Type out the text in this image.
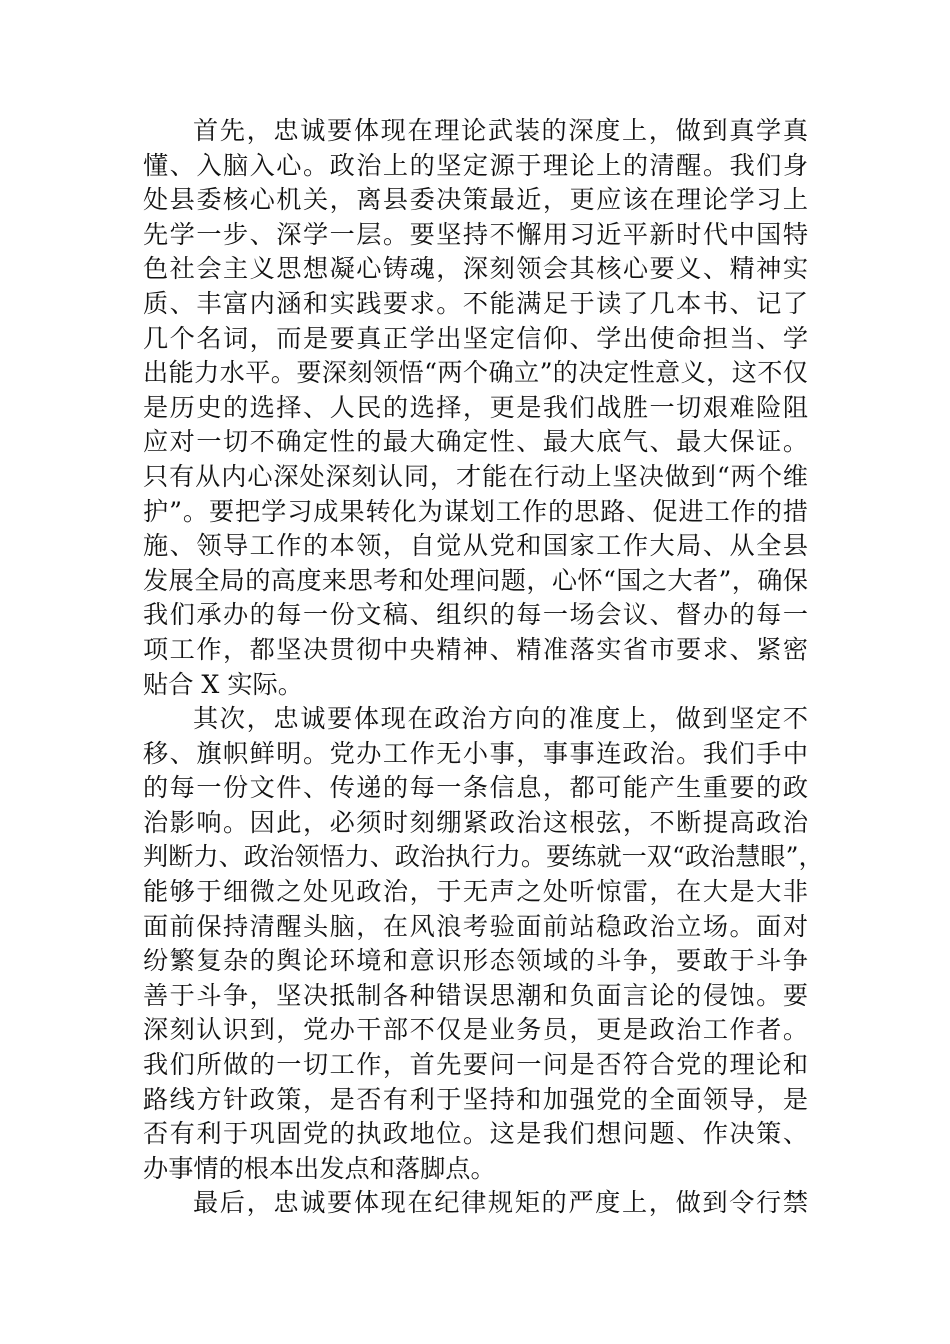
首先，忠诚要体现在理论武装的深度上，做到真学真
懂、入脑入心。政治上的坚定源于理论上的清醒。我们身
处县委核心机关，离县委决策最近，更应该在理论学习上
先学一步、深学一层。要坚持不懈用习近平新时代中国特
色社会主义思想凝心铸魂，深刻领会其核心要义、精神实
质、丰富内涵和实践要求。不能满足于读了几本书、记了
几个名词，而是要真正学出坚定信仰、学出使命担当、学
出能力水平。要深刻领悟“两个确立”的决定性意义，这不仅
是历史的选择、人民的选择，更是我们战胜一切艰难险阻
应对一切不确定性的最大确定性、最大底气、最大保证。
只有从内心深处深刻认同，才能在行动上坚决做到“两个维
护”。要把学习成果转化为谋划工作的思路、促进工作的措
施、领导工作的本领，自觉从党和国家工作大局、从全县
发展全局的高度来思考和处理问题，心怀“国之大者”，确保
我们承办的每一份文稿、组织的每一场会议、督办的每一
项工作，都坚决贯彻中央精神、精准落实省市要求、紧密
贴合 X 实际。
其次，忠诚要体现在政治方向的准度上，做到坚定不
移、旗帜鲜明。党办工作无小事，事事连政治。我们手中
的每一份文件、传递的每一条信息，都可能产生重要的政
治影响。因此，必须时刻绷紧政治这根弦，不断提高政治
判断力、政治领悟力、政治执行力。要练就一双“政治慧眼”，
能够于细微之处见政治，于无声之处听惊雷，在大是大非
面前保持清醒头脑，在风浪考验面前站稳政治立场。面对
纷繁复杂的舆论环境和意识形态领域的斗争，要敢于斗争
善于斗争，坚决抵制各种错误思潮和负面言论的侵蚀。要
深刻认识到，党办干部不仅是业务员，更是政治工作者。
我们所做的一切工作，首先要问一问是否符合党的理论和
路线方针政策，是否有利于坚持和加强党的全面领导，是
否有利于巩固党的执政地位。这是我们想问题、作决策、
办事情的根本出发点和落脚点。
最后，忠诚要体现在纪律规矩的严度上，做到令行禁
